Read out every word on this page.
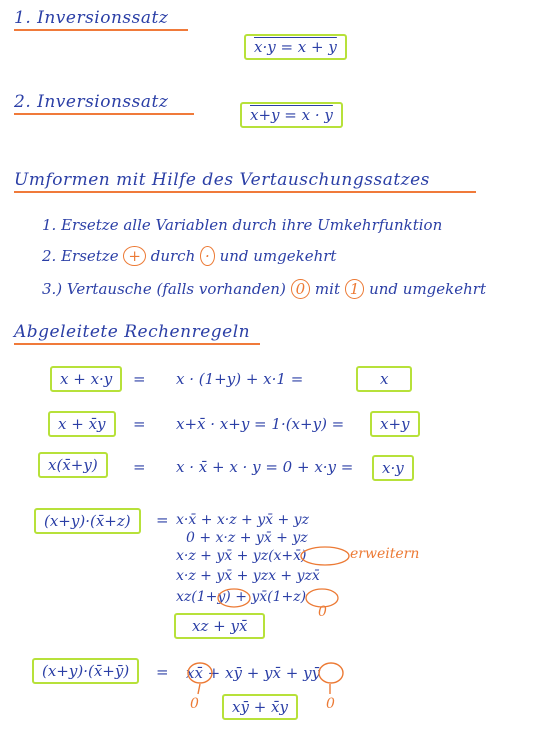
1. Inversionssatz
x·y = x + y
2. Inversionssatz
x+y = x · y
Umformen mit Hilfe des Vertauschungssatzes
1. Ersetze alle Variablen durch ihre Umkehrfunktion
2. Ersetze + durch · und umgekehrt
3.) Vertausche (falls vorhanden) 0 mit 1 und umgekehrt
Abgeleitete Rechenregeln
x + x·y	= x · (1+y) + x·1 =	x
x + x̄y	= x+x̄ · x+y = 1·(x+y) =	x+y
x(x̄+y)	= x · x̄ + x · y = 0 + x·y =	x·y
(x+y)·(x̄+z)	= x·x̄ + x·z + yx̄ + yz
0 + x·z + yx̄ + yz
x·z + yx̄ + yz(x+x̄)	erweitern
x·z + yx̄ + yzx + yzx̄
xz(1+y) + yx̄(1+z)
0
xz + yx̄
(x+y)·(x̄+ȳ)	= xx̄ + xȳ + yx̄ + yȳ
0	xȳ + x̄y	0
